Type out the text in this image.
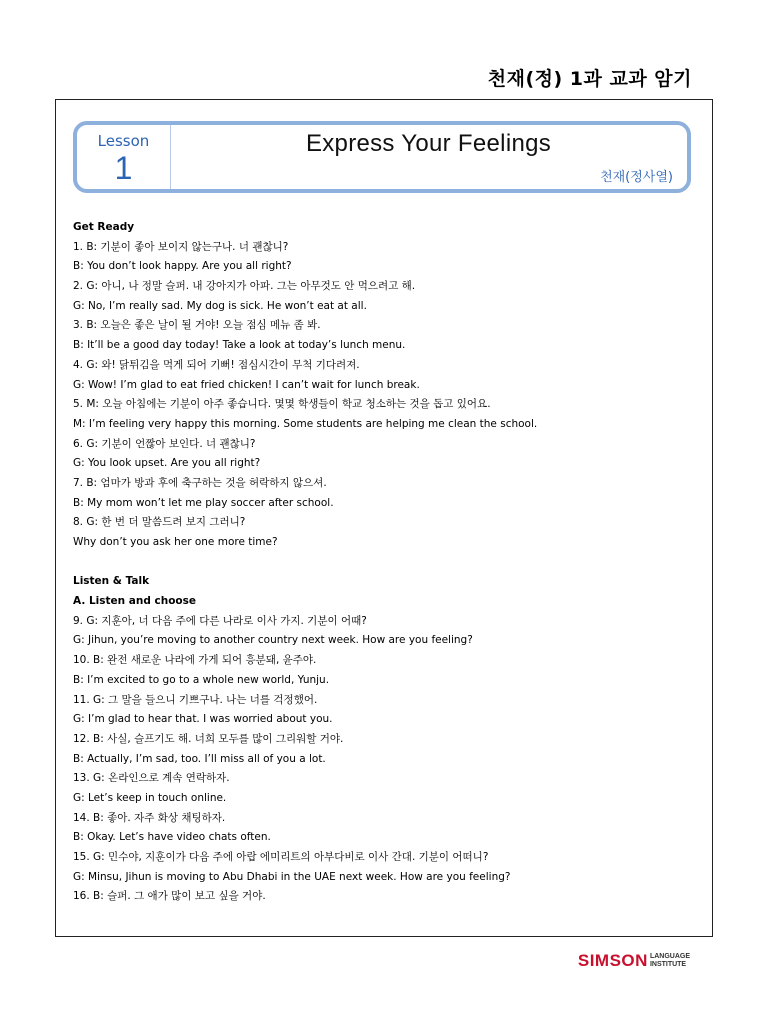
천재(정) 1과 교과 암기
Lesson
1
Express Your Feelings
천재(정사열)
Get Ready
1. B: 기분이 좋아 보이지 않는구나. 너 괜찮니?
B: You don’t look happy. Are you all right?
2. G: 아니, 나 정말 슬퍼. 내 강아지가 아파. 그는 아무것도 안 먹으려고 해.
G: No, I’m really sad. My dog is sick. He won’t eat at all.
3. B: 오늘은 좋은 날이 될 거야! 오늘 점심 메뉴 좀 봐.
B: It’ll be a good day today! Take a look at today’s lunch menu.
4. G: 와! 닭튀김을 먹게 되어 기뻐! 점심시간이 무척 기다려져.
G: Wow! I’m glad to eat fried chicken! I can’t wait for lunch break.
5. M: 오늘 아침에는 기분이 아주 좋습니다. 몇몇 학생들이 학교 청소하는 것을 돕고 있어요.
M: I’m feeling very happy this morning. Some students are helping me clean the school.
6. G: 기분이 언짢아 보인다. 너 괜찮니?
G: You look upset. Are you all right?
7. B: 엄마가 방과 후에 축구하는 것을 허락하지 않으셔.
B: My mom won’t let me play soccer after school.
8. G: 한 번 더 말씀드려 보지 그러니?
Why don’t you ask her one more time?
Listen & Talk
A. Listen and choose
9. G: 지훈아, 너 다음 주에 다른 나라로 이사 가지. 기분이 어때?
G: Jihun, you’re moving to another country next week. How are you feeling?
10. B: 완전 새로운 나라에 가게 되어 흥분돼, 윤주야.
B: I’m excited to go to a whole new world, Yunju.
11. G: 그 말을 들으니 기쁘구나. 나는 너를 걱정했어.
G: I’m glad to hear that. I was worried about you.
12. B: 사실, 슬프기도 해. 너희 모두를 많이 그리워할 거야.
B: Actually, I’m sad, too. I’ll miss all of you a lot.
13. G: 온라인으로 계속 연락하자.
G: Let’s keep in touch online.
14. B: 좋아. 자주 화상 채팅하자.
B: Okay. Let’s have video chats often.
15. G: 민수야, 지훈이가 다음 주에 아랍 에미리트의 아부다비로 이사 간대. 기분이 어떠니?
G: Minsu, Jihun is moving to Abu Dhabi in the UAE next week. How are you feeling?
16. B: 슬퍼. 그 애가 많이 보고 싶을 거야.
SIMSON LANGUAGE
INSTITUTE
